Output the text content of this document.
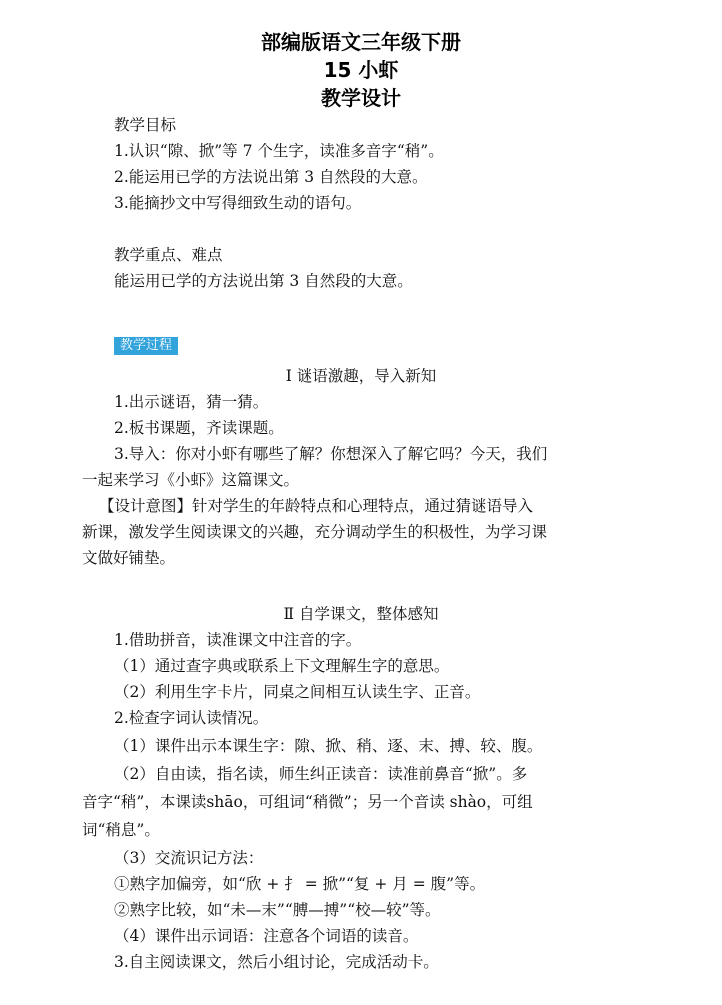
部编版语文三年级下册
15 小虾
教学设计
教学目标
1.认识“隙、掀”等 7 个生字，读准多音字“稍”。
2.能运用已学的方法说出第 3 自然段的大意。
3.能摘抄文中写得细致生动的语句。
教学重点、难点
能运用已学的方法说出第 3 自然段的大意。
教学过程
Ⅰ 谜语激趣，导入新知
1.出示谜语，猜一猜。
2.板书课题，齐读课题。
3.导入：你对小虾有哪些了解？你想深入了解它吗？今天，我们
一起来学习《小虾》这篇课文。
【设计意图】针对学生的年龄特点和心理特点，通过猜谜语导入
新课，激发学生阅读课文的兴趣，充分调动学生的积极性，为学习课
文做好铺垫。
Ⅱ 自学课文，整体感知
1.借助拼音，读准课文中注音的字。
（1）通过查字典或联系上下文理解生字的意思。
（2）利用生字卡片，同桌之间相互认读生字、正音。
2.检查字词认读情况。
（1）课件出示本课生字：隙、掀、稍、逐、末、搏、较、腹。
（2）自由读，指名读，师生纠正读音：读准前鼻音“掀”。多
音字“稍”，本课读shāo，可组词“稍微”；另一个音读 shào，可组
词“稍息”。
（3）交流识记方法：
①熟字加偏旁，如“欣 + 扌 = 掀”“复 + 月 = 腹”等。
②熟字比较，如“未—末”“膊—搏”“校—较”等。
（4）课件出示词语：注意各个词语的读音。
3.自主阅读课文，然后小组讨论，完成活动卡。
